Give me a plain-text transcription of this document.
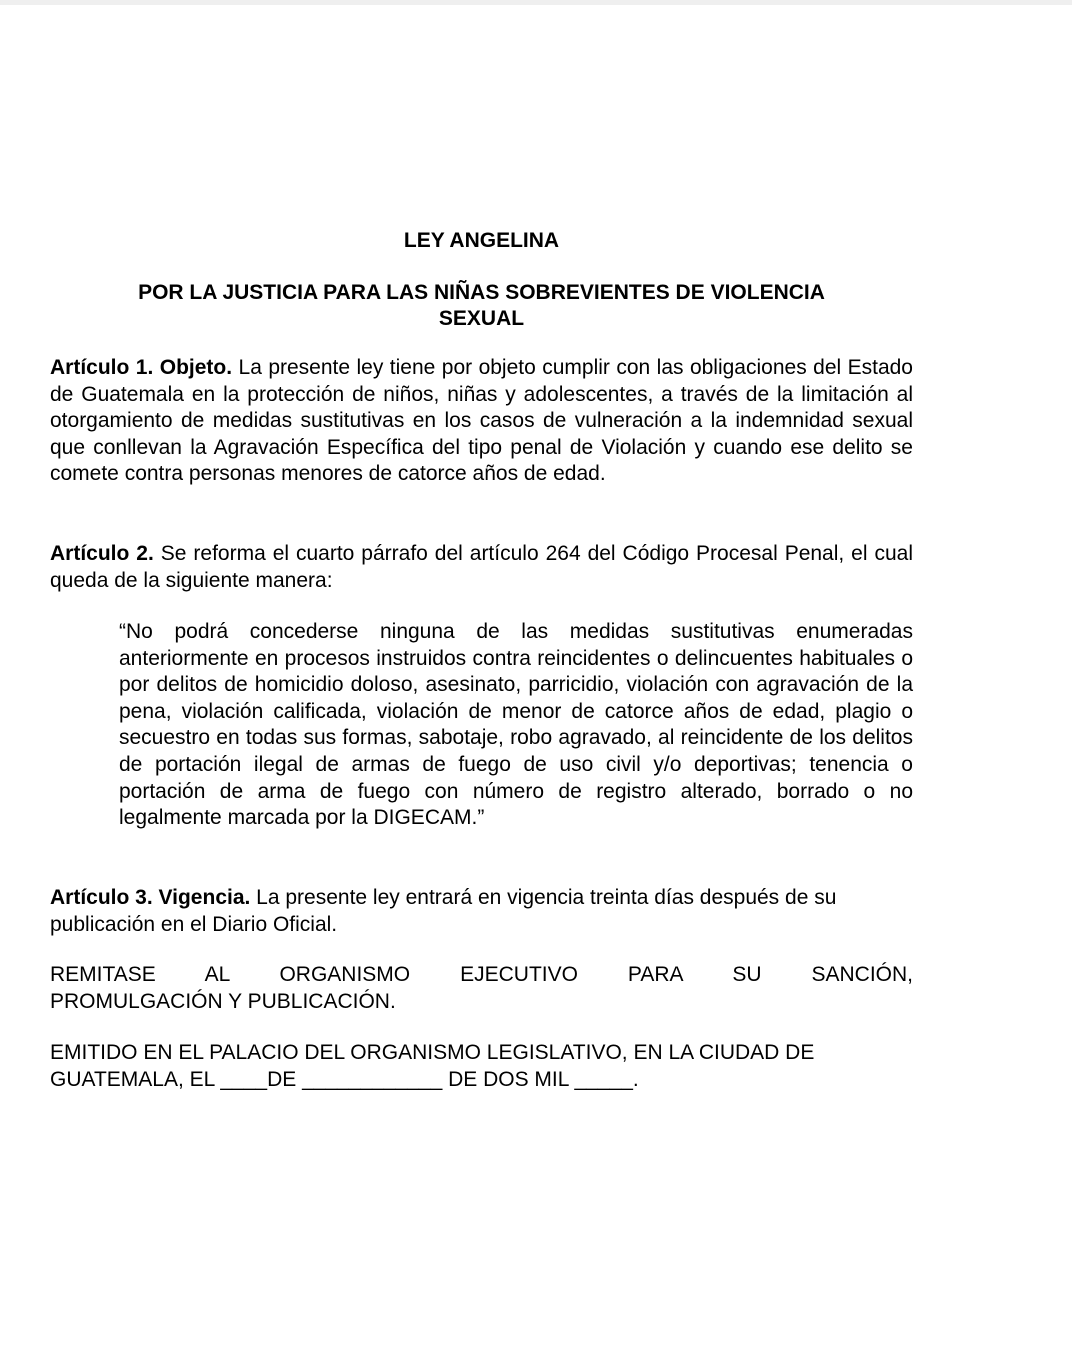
LEY ANGELINA
POR LA JUSTICIA PARA LAS NIÑAS SOBREVIENTES DE VIOLENCIA
SEXUAL

Artículo 1. Objeto. La presente ley tiene por objeto cumplir con las obligaciones del Estado de Guatemala en la protección de niños, niñas y adolescentes, a través de la limitación al otorgamiento de medidas sustitutivas en los casos de vulneración a la indemnidad sexual que conllevan la Agravación Específica del tipo penal de Violación y cuando ese delito se comete contra personas menores de catorce años de edad.

Artículo 2. Se reforma el cuarto párrafo del artículo 264 del Código Procesal Penal, el cual queda de la siguiente manera:

“No podrá concederse ninguna de las medidas sustitutivas enumeradas anteriormente en procesos instruidos contra reincidentes o delincuentes habituales o por delitos de homicidio doloso, asesinato, parricidio, violación con agravación de la pena, violación calificada, violación de menor de catorce años de edad, plagio o secuestro en todas sus formas, sabotaje, robo agravado, al reincidente de los delitos de portación ilegal de armas de fuego de uso civil y/o deportivas; tenencia o portación de arma de fuego con número de registro alterado, borrado o no legalmente marcada por la DIGECAM.”

Artículo 3. Vigencia. La presente ley entrará en vigencia treinta días después de su publicación en el Diario Oficial.

REMITASE AL ORGANISMO EJECUTIVO PARA SU SANCIÓN,
PROMULGACIÓN Y PUBLICACIÓN.
EMITIDO EN EL PALACIO DEL ORGANISMO LEGISLATIVO, EN LA CIUDAD DE
GUATEMALA, EL ____DE ____________ DE DOS MIL _____.
